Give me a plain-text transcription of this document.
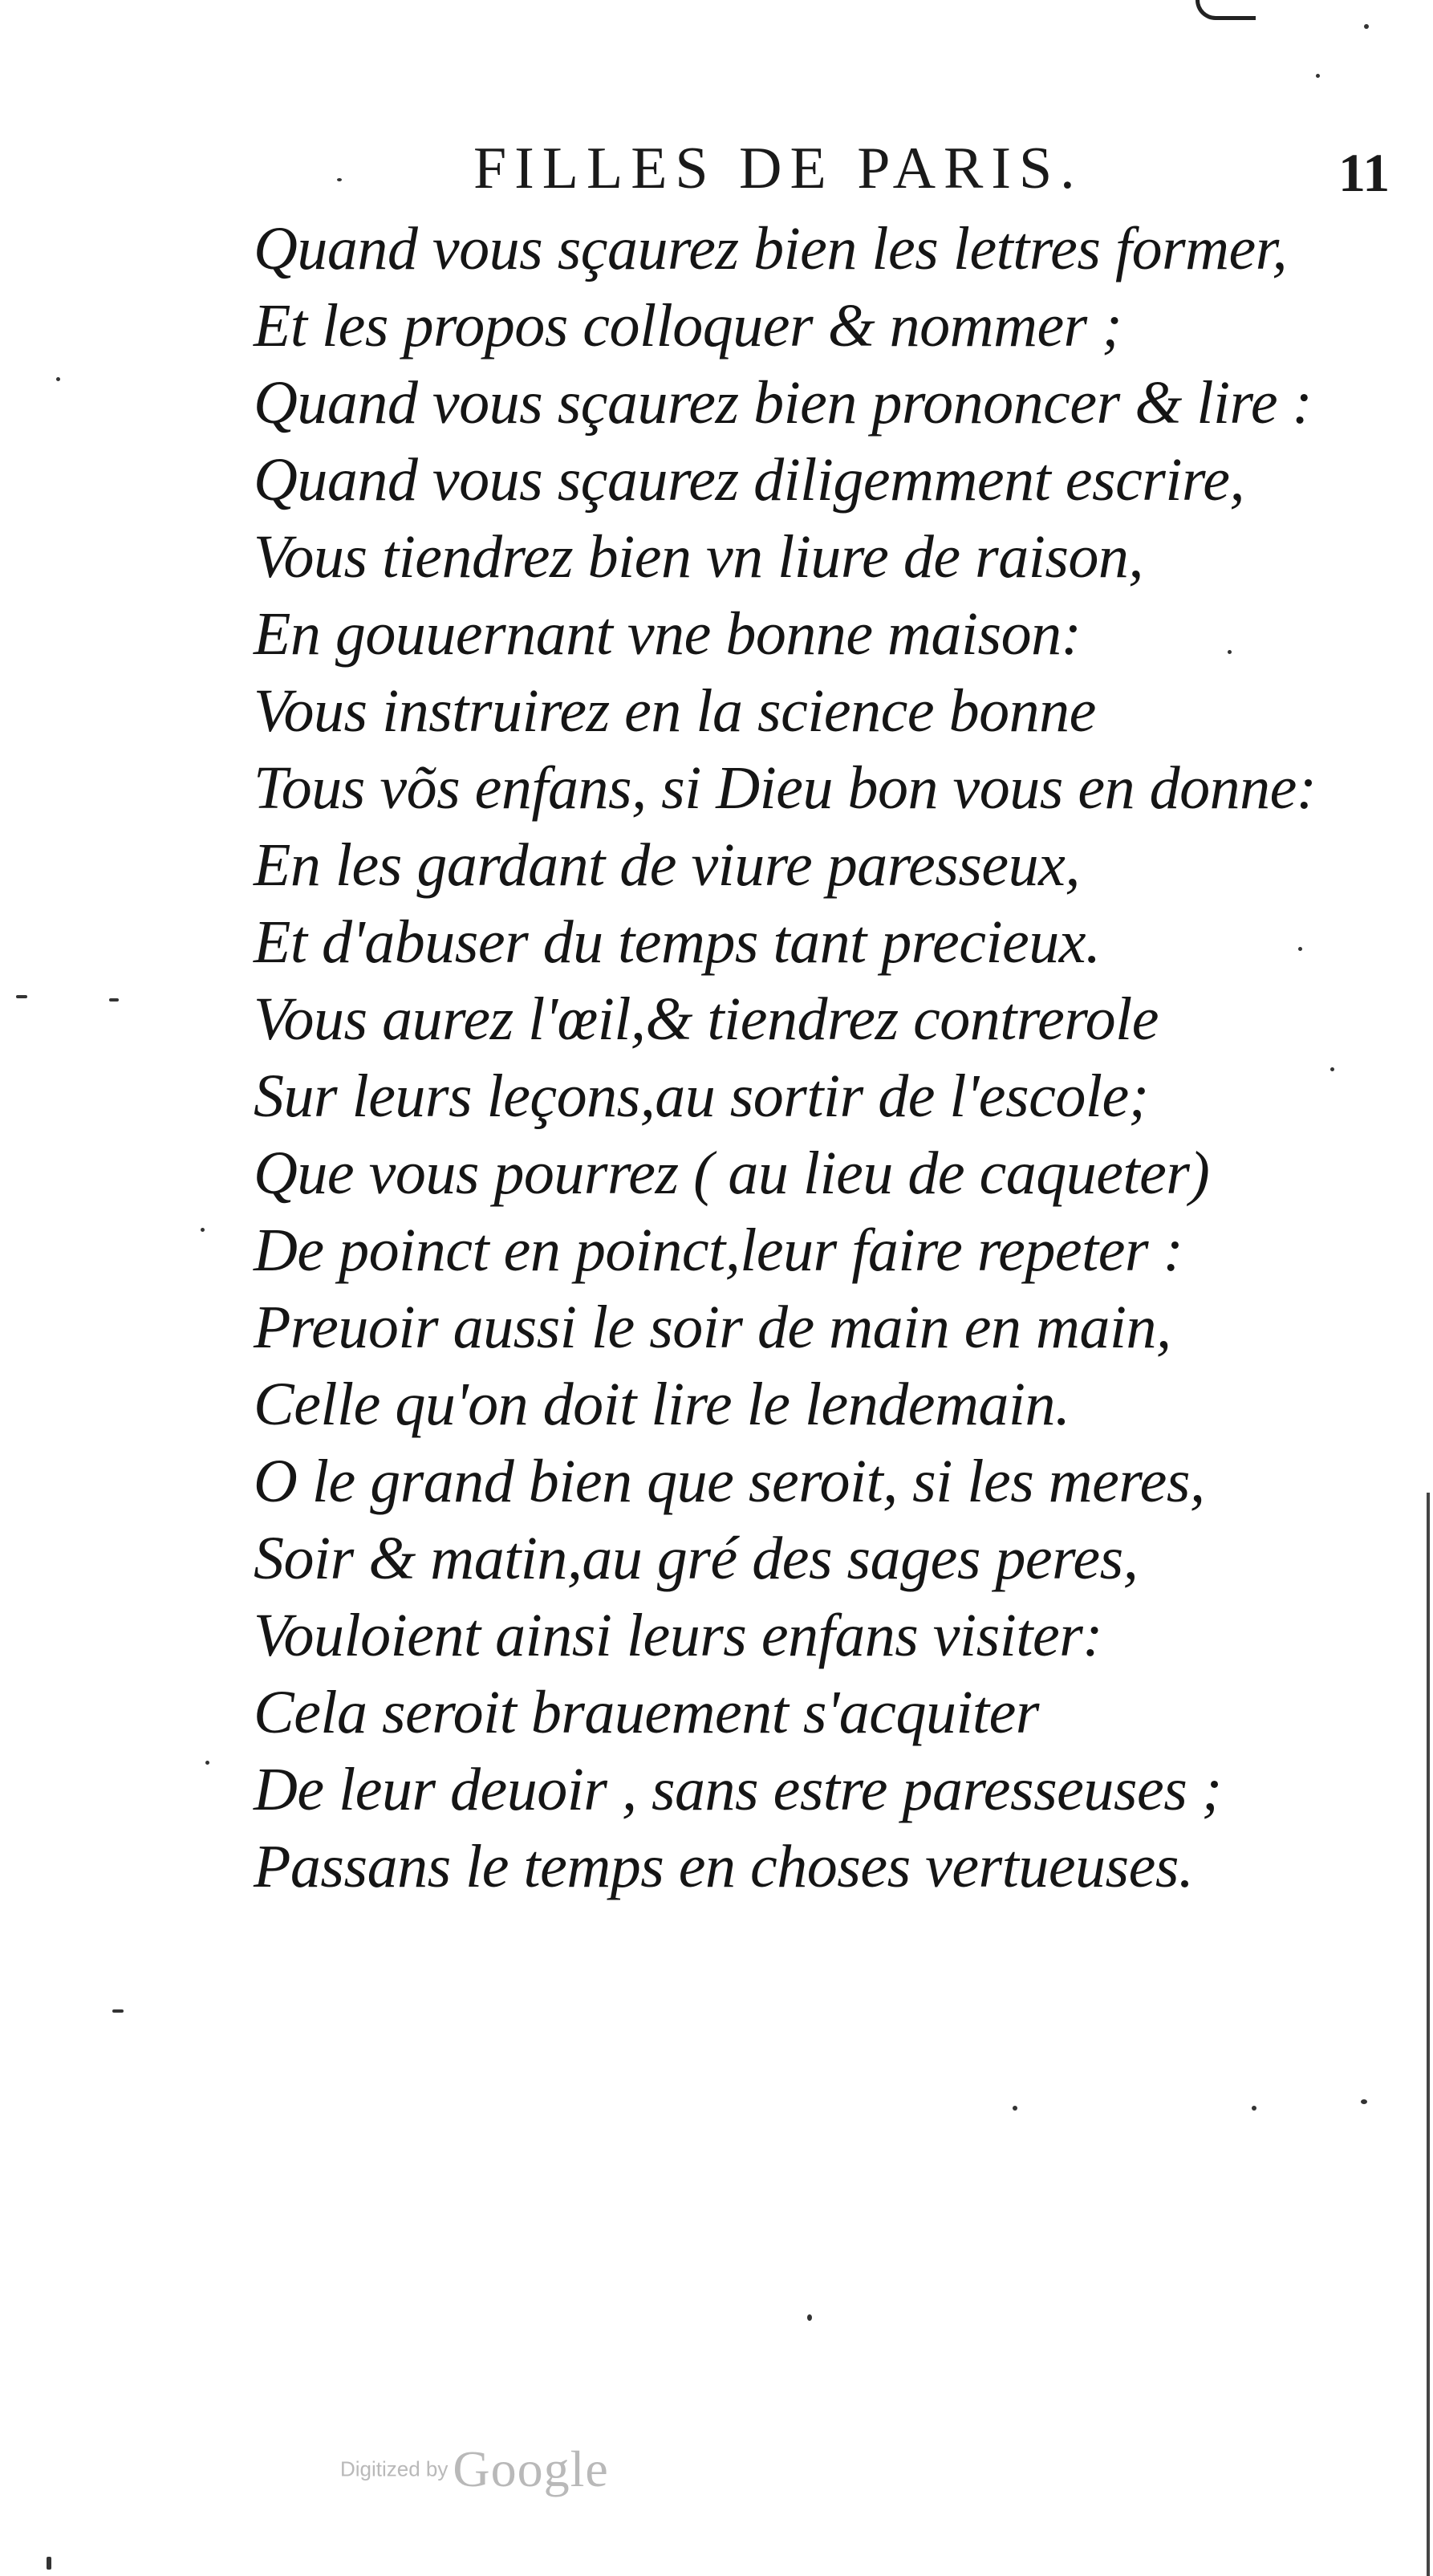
FILLES DE PARIS.	11
Quand vous sçaurez bien les lettres former,
Et les propos colloquer & nommer ;
Quand vous sçaurez bien prononcer & lire :
Quand vous sçaurez diligemment escrire,
Vous tiendrez bien vn liure de raison,
En gouuernant vne bonne maison:
Vous instruirez en la science bonne
Tous võs enfans, si Dieu bon vous en donne:
En les gardant de viure paresseux,
Et d'abuser du temps tant precieux.
Vous aurez l'œil,& tiendrez contrerole
Sur leurs leçons,au sortir de l'escole;
Que vous pourrez ( au lieu de caqueter)
De poinct en poinct,leur faire repeter :
Preuoir aussi le soir de main en main,
Celle qu'on doit lire le lendemain.
O le grand bien que seroit, si les meres,
Soir & matin,au gré des sages peres,
Vouloient ainsi leurs enfans visiter:
Cela seroit brauement s'acquiter
De leur deuoir , sans estre paresseuses ;
Passans le temps en choses vertueuses.
Digitized byGoogle
